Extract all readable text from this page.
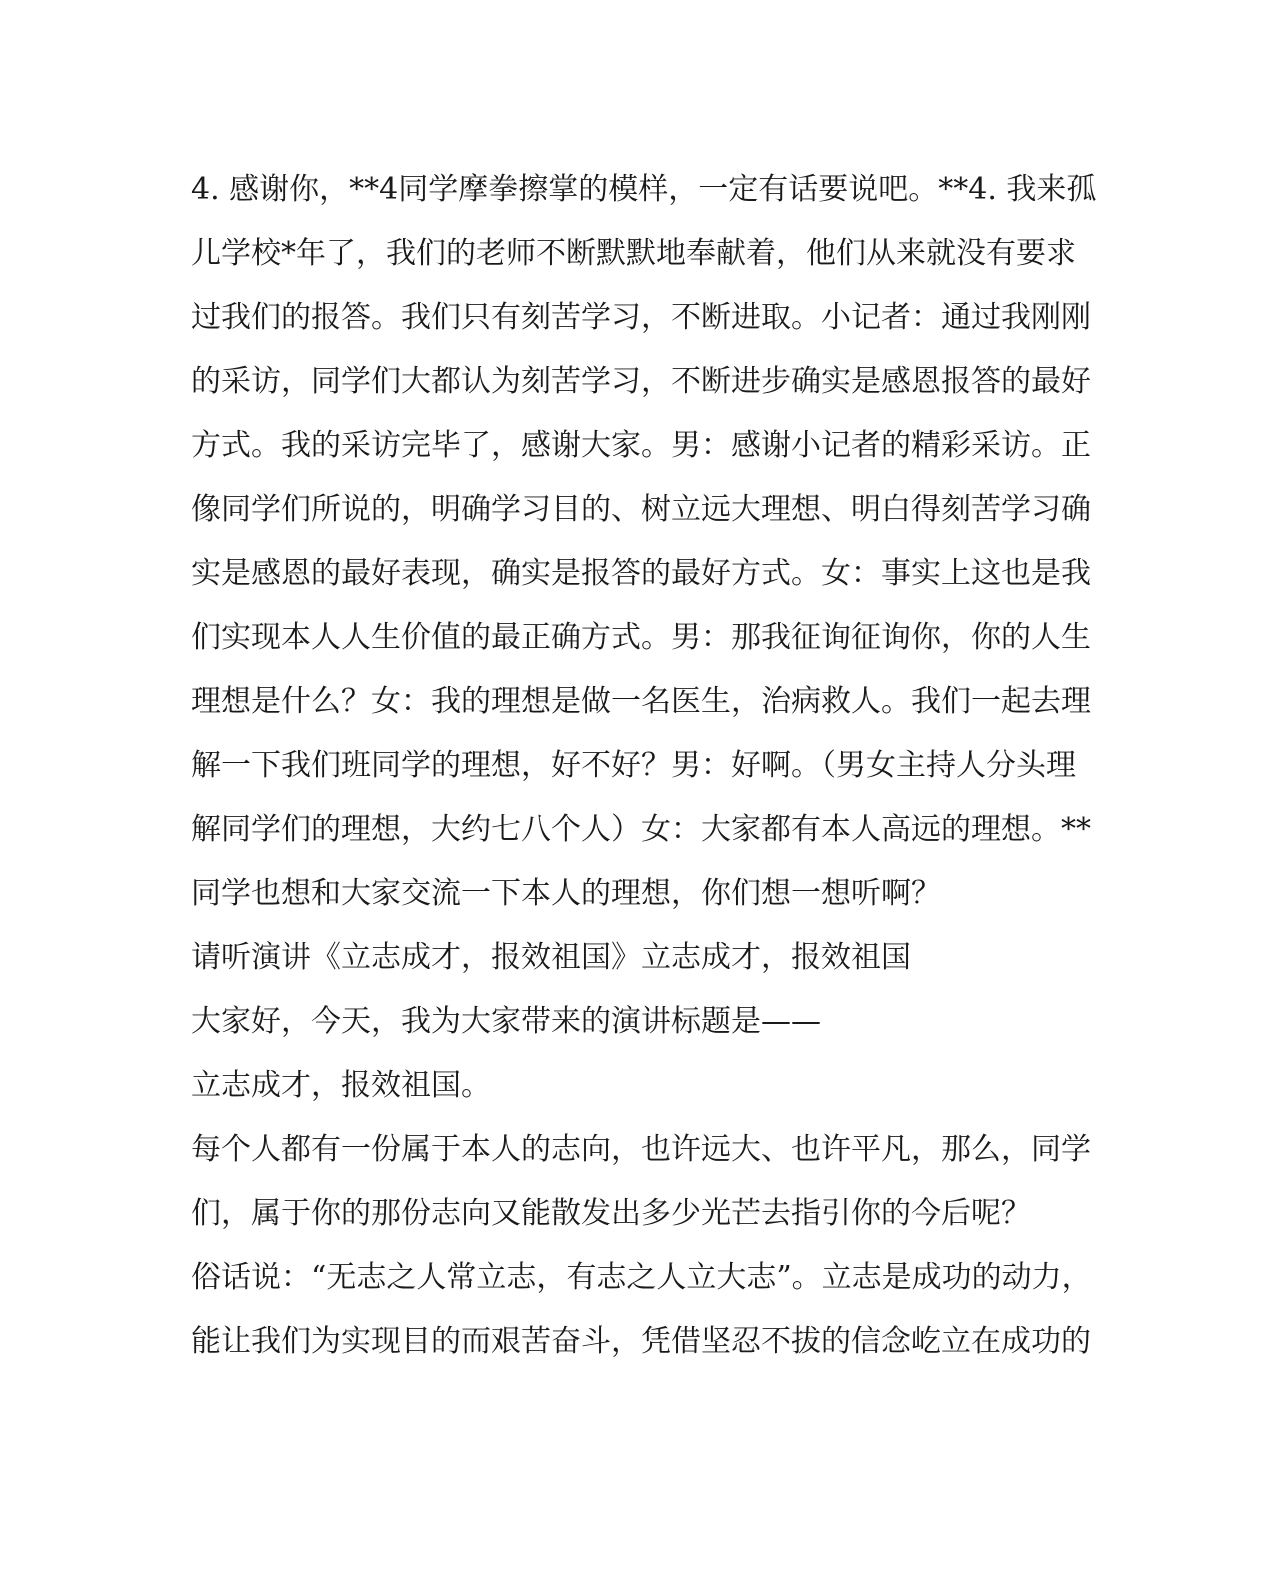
4. 感谢你，**4同学摩拳擦掌的模样，一定有话要说吧。**4. 我来孤
儿学校*年了，我们的老师不断默默地奉献着，他们从来就没有要求
过我们的报答。我们只有刻苦学习，不断进取。小记者：通过我刚刚
的采访，同学们大都认为刻苦学习，不断进步确实是感恩报答的最好
方式。我的采访完毕了，感谢大家。男：感谢小记者的精彩采访。正
像同学们所说的，明确学习目的、树立远大理想、明白得刻苦学习确
实是感恩的最好表现，确实是报答的最好方式。女：事实上这也是我
们实现本人人生价值的最正确方式。男：那我征询征询你，你的人生
理想是什么？女：我的理想是做一名医生，治病救人。我们一起去理
解一下我们班同学的理想，好不好？男：好啊。（男女主持人分头理
解同学们的理想，大约七八个人）女：大家都有本人高远的理想。**
同学也想和大家交流一下本人的理想，你们想一想听啊？
请听演讲《立志成才，报效祖国》立志成才，报效祖国
大家好，今天，我为大家带来的演讲标题是——
立志成才，报效祖国。
每个人都有一份属于本人的志向，也许远大、也许平凡，那么，同学
们，属于你的那份志向又能散发出多少光芒去指引你的今后呢？
俗话说：“无志之人常立志，有志之人立大志”。立志是成功的动力，
能让我们为实现目的而艰苦奋斗，凭借坚忍不拔的信念屹立在成功的
